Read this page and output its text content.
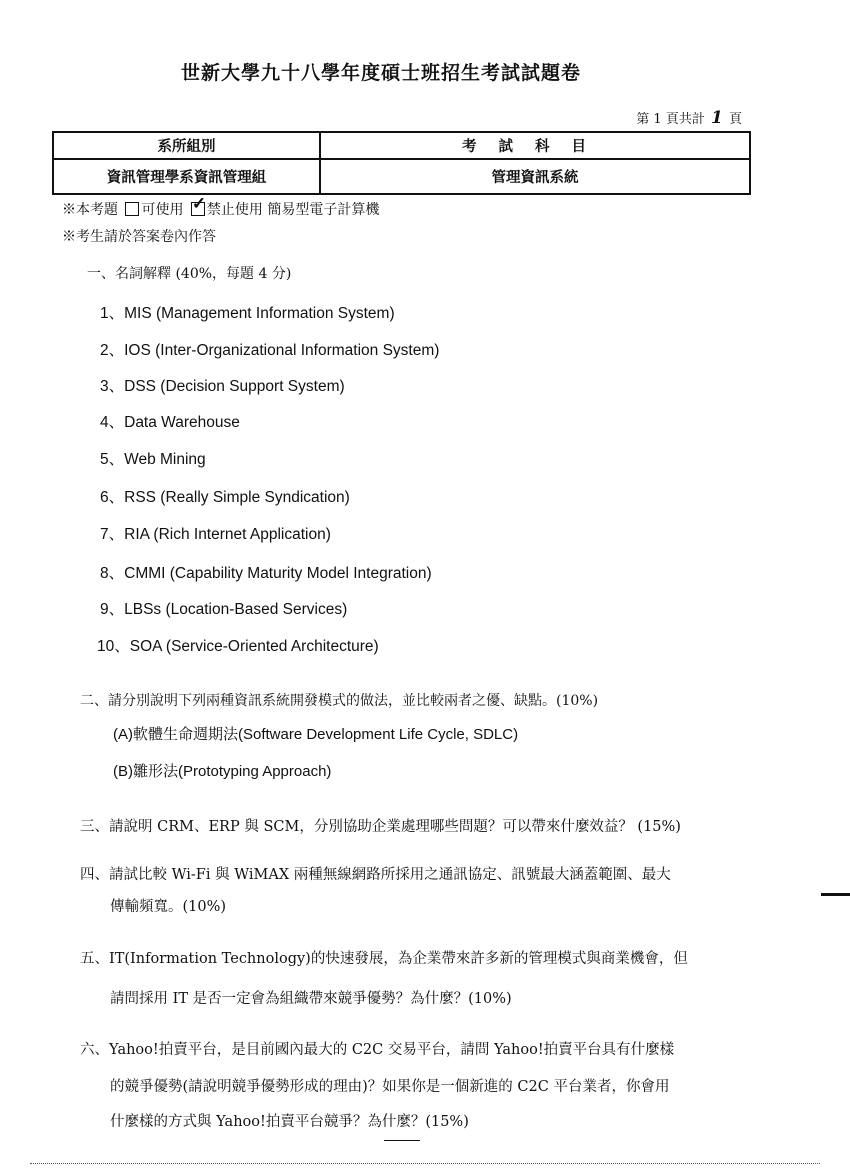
世新大學九十八學年度碩士班招生考試試題卷
第 1 頁共計 1 頁
系所組別	考試科目
資訊管理學系資訊管理組	管理資訊系統
※本考題 可使用 ✓ 禁止使用 簡易型電子計算機
※考生請於答案卷內作答
一、名詞解釋 (40%，每題 4 分)
1、MIS (Management Information System)
2、IOS (Inter-Organizational Information System)
3、DSS (Decision Support System)
4、Data Warehouse
5、Web Mining
6、RSS (Really Simple Syndication)
7、RIA (Rich Internet Application)
8、CMMI (Capability Maturity Model Integration)
9、LBSs (Location-Based Services)
10、SOA (Service-Oriented Architecture)
二、請分別說明下列兩種資訊系統開發模式的做法，並比較兩者之優、缺點。(10%)
(A)軟體生命週期法(Software Development Life Cycle, SDLC)
(B)雛形法(Prototyping Approach)
三、請說明 CRM、ERP 與 SCM，分別協助企業處理哪些問題？可以帶來什麼效益？ (15%)
四、請試比較 Wi-Fi 與 WiMAX 兩種無線網路所採用之通訊協定、訊號最大涵蓋範圍、最大
傳輸頻寬。(10%)
五、IT(Information Technology)的快速發展，為企業帶來許多新的管理模式與商業機會，但
請問採用 IT 是否一定會為組織帶來競爭優勢？為什麼？(10%)
六、Yahoo!拍賣平台，是目前國內最大的 C2C 交易平台，請問 Yahoo!拍賣平台具有什麼樣
的競爭優勢(請說明競爭優勢形成的理由)？如果你是一個新進的 C2C 平台業者，你會用
什麼樣的方式與 Yahoo!拍賣平台競爭？為什麼？(15%)
